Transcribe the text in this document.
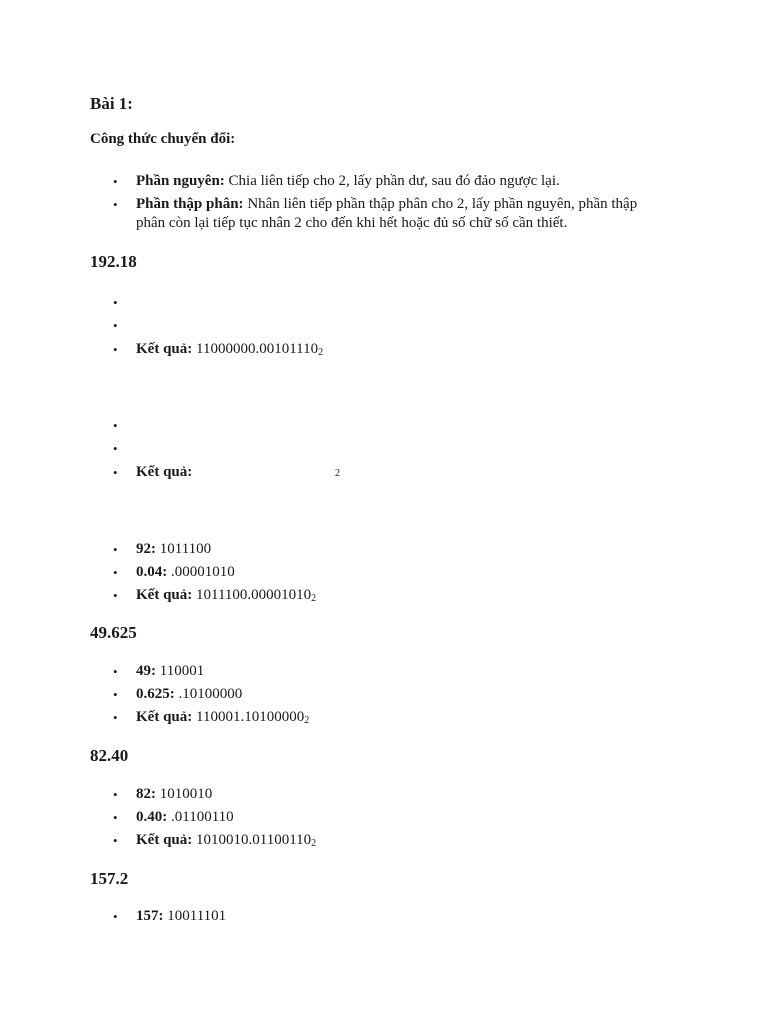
Bài 1:
Công thức chuyển đổi:
• Phần nguyên: Chia liên tiếp cho 2, lấy phần dư, sau đó đảo ngược lại.
• Phần thập phân: Nhân liên tiếp phần thập phân cho 2, lấy phần nguyên, phần thập phân còn lại tiếp tục nhân 2 cho đến khi hết hoặc đủ số chữ số cần thiết.
192.18
•
•
• Kết quả: $11000000.00101110_2$
•
•
• Kết quả:	2
• 92: 1011100
• 0.04: .00001010
• Kết quả: $1011100.00001010_2$
49.625
• 49: 110001
• 0.625: .10100000
• Kết quả: $110001.10100000_2$
82.40
• 82: 1010010
• 0.40: .01100110
• Kết quả: $1010010.01100110_2$
157.2
• 157: 10011101
